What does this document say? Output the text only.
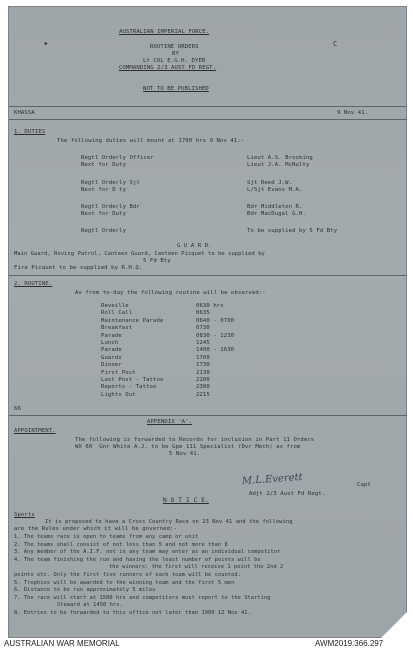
✦	С
AUSTRALIAN IMPERIAL FORCE.
ROUTINE ORDERS
BY
Lt COL E.G.H. DYER
COMMANDING 2/3 AUST FD REGT.
NOT TO BE PUBLISHED
KHASSA	9 Nov 41.
1. DUTIES
The following duties will mount at 1700 hrs 9 Nov 41:-
Regtl Orderly Officer	Lieut A.S. Brooking
Next for Duty	Lieut J.A. McNulty
Regtl Orderly Sjt	Sjt Reed J.W.
Next for D ty	L/Sjt Evans M.A.
Regtl Orderly Bdr	Bdr Middleton R.
Next for Duty	Bdr MacDugal G.H.
Regtl Orderly	To be supplied by 5 Fd Bty
G U A R D.
Main Guard, Roving Patrol, Canteen Guard, Canteen Picquet to be supplied by
5 Fd Bty
Fire Picquet to be supplied by R.H.Q.
2. ROUTINE.
As from to-day the following routine will be observed:-
Reveille	0630 hrs
Roll Call	0635
Maintenance Parade	0640 - 0700
Breakfast	0730
Parade	0830 - 1230
Lunch	1245
Parade	1400 - 1630
Guards	1700
Dinner	1730
First Post	2130
Last Post - Tattoo	2200
Reports - Tattoo	2300
Lights Out	2215
66
APPENDIX 'A'.
APPOINTMENT.
The following is forwarded to Records for inclusion in Part 11 Orders
WX 60  Gnr White A.J. to be Gpe 111 Specialist (Dvr Mech) as from
5 Nov 41.
M.L.Everett	Capt
Adjt 2/3 Aust Fd Regt.
N O T I C E.
Sports
It is proposed to have a Cross Country Race on 23 Nov 41 and the following
are the Rules under which it will be governed:-
1. The teams race is open to teams from any camp or unit
2. The teams shall consist of not less than 5 and not more than 8
3. Any member of the A.I.F. not in any team may enter as an individual competitor
4. The team finishing the run and having the least number of points will be
the winners: the first will receive 1 point the 2nd 2
points etc. Only the first five runners of each team will be counted.
5. Trophies will be awarded to the winning team and the first 5 men
6. Distance to be run approximately 5 miles
7. The race will start at 1500 hrs and competitors must report to the Starting
Steward at 1450 hrs.
8. Entries to be forwarded to this office not later than 1900 12 Nov 41.
AUSTRALIAN WAR MEMORIAL	AWM2019.366.297
